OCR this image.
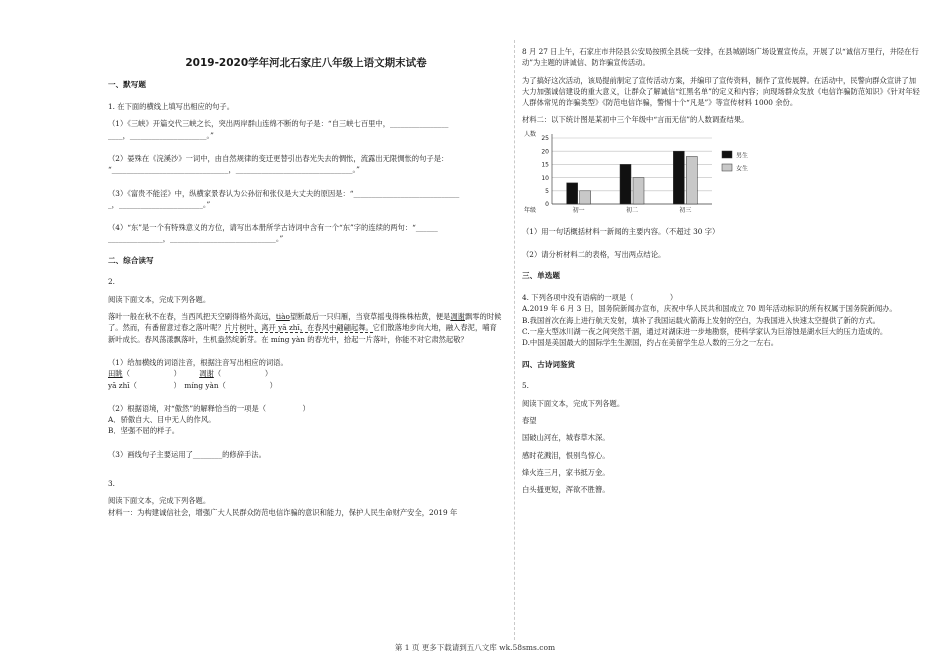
2019-2020学年河北石家庄八年级上语文期末试卷
一、默写题

1. 在下面的横线上填写出相应的句子。

（1）《三峡》开篇交代三峡之长，突出两岸群山连绵不断的句子是：“自三峡七百里中，________________

____，_____________________。”

（2）晏殊在《浣溪沙》一词中，由自然规律的变迁更替引出春光失去的惆怅，流露出无限惆怅的句子是：

“________________________________，________________________________。”

（3）《富贵不能淫》中，纵横家景春认为公孙衍和张仪是大丈夫的原因是：“_____________________________

_，_______________________。”

（4）“东”是一个有特殊意义的方位，请写出本册所学古诗词中含有一个“东”字的连续的两句：“______

_______________，_____________________________。”

二、综合读写

2.

阅读下面文本，完成下列各题。

落叶一般在秋不在春，当西风把天空刷得格外高远，tiào望断最后一只归雁，当衰草摇曳得株株枯黄，便是凋谢飘零的时候了。然而，有番留意过春之落叶呢？片片树叶，离开 yā zhī，在春风中翩翩起舞。它们散落地步向大地，融入春泥，哺育新叶成长。春风荡漾飘落叶，生机盎然绽新芽。在 míng yàn 的春光中，拾起一片落叶，你能不对它肃然起敬？

（1）给加横线的词语注音，根据注音写出相应的词语。

田眺（　　　　　　）　　　凋谢（　　　　　　）

yā zhī（　　　　　）　míng yàn（　　　　　　）

（2）根据语境，对“傲然”的解释恰当的一项是（　　　　　）

A．骄傲自大、目中无人的作风。

B．坚强不屈的样子。

（3）画线句子主要运用了________的修辞手法。

3.

阅读下面文本，完成下列各题。

材料一：为构建诚信社会，增强广大人民群众防范电信诈骗的意识和能力，保护人民生命财产安全，2019 年

8 月 27 日上午，石家庄市井陉县公安局按照全县统一安排，在县城剧场广场设置宣传点，开展了以“诚信万里行，井陉在行动”为主题的讲诚信、防诈骗宣传活动。

为了搞好这次活动，该局提前制定了宣传活动方案，并编印了宣传资料，制作了宣传展牌。在活动中，民警向群众宣讲了加大力加强诚信建设的重大意义，让群众了解诚信“红黑名单”的定义和内容；向现场群众发放《电信诈骗防范知识》《针对年轻人群体常见的诈骗类型》《防范电信诈骗，警惕十个“凡是”》等宣传材料 1000 余份。

材料二：以下统计图是某初中三个年级中“言而无信”的人数调查结果。

0
5
10
15
20
25
人数
年级	初一	初二	初三
男生
女生

（1）用一句话概括材料一新闻的主要内容。（不超过 30 字）

（2）请分析材料二的表格，写出两点结论。

三、单选题

4. 下列各项中没有语病的一项是（　　　　　）

A.2019 年 6 月 3 日，国务院新闻办宣布，庆祝中华人民共和国成立 70 周年活动标识的所有权属于国务院新闻办。

B.我国首次在海上进行航天发射，填补了我国运载火箭海上发射的空白，为我国进入快速太空提供了新的方式。

C.一座大型冰川湖一夜之间突然干涸，通过对湖床进一步地勘察，使科学家认为巨溶蚀是湖水巨大的压力造成的。

D.中国是美国最大的国际学生生源国，约占在美留学生总人数的三分之一左右。

四、古诗词鉴赏

5.

阅读下面文本，完成下列各题。

春望

国破山河在，城春草木深。

感时花溅泪，恨别鸟惊心。

烽火连三月，家书抵万金。

白头搔更短，浑欲不胜簪。

第 1 页 更多下载请到五八文库 wk.58sms.com
